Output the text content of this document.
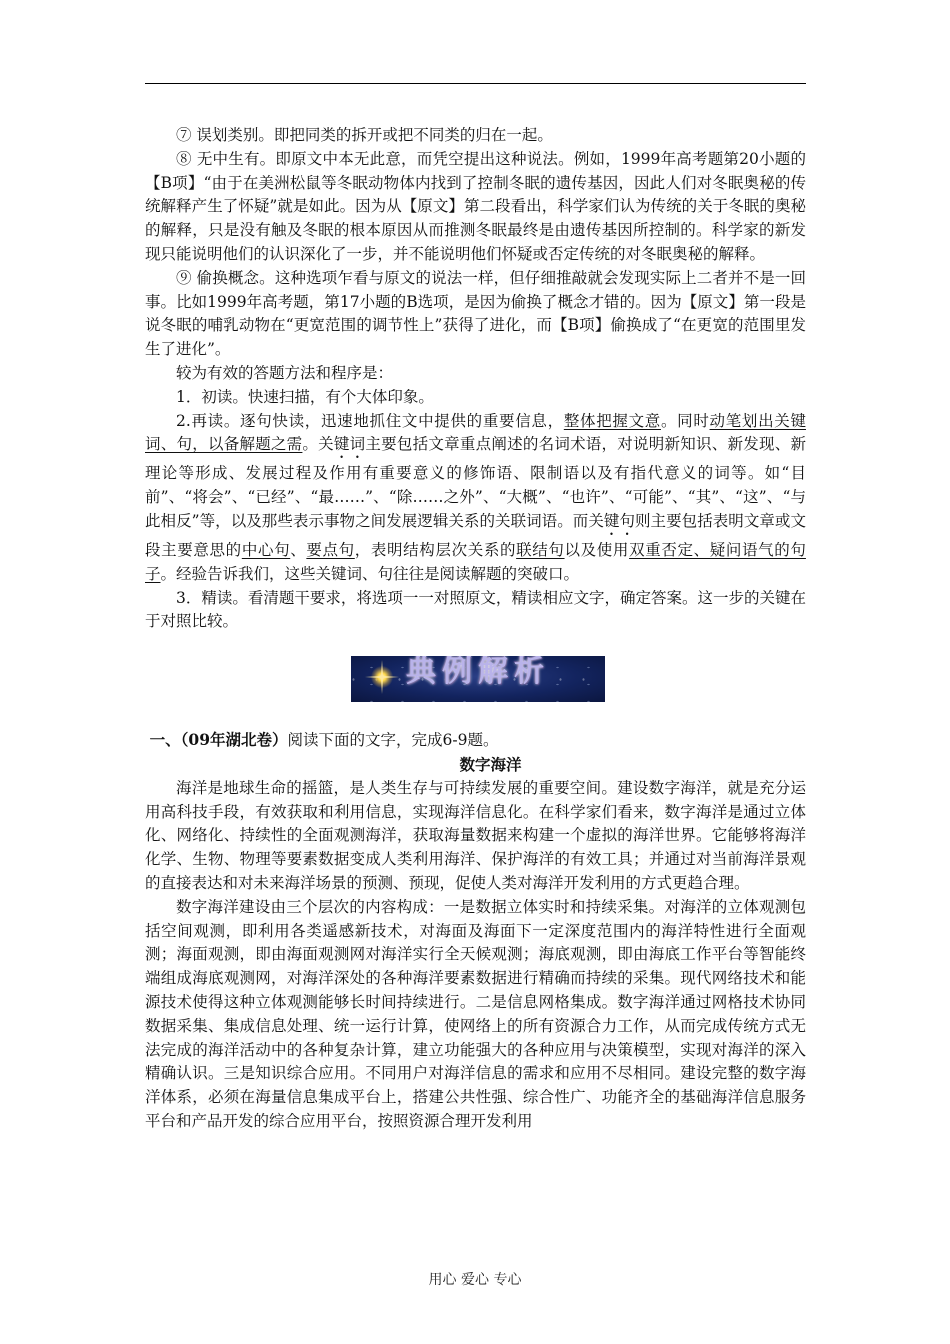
⑦ 误划类别。即把同类的拆开或把不同类的归在一起。

⑧ 无中生有。即原文中本无此意，而凭空提出这种说法。例如，1999年高考题第20小题的【B项】“由于在美洲松鼠等冬眠动物体内找到了控制冬眠的遗传基因，因此人们对冬眠奥秘的传统解释产生了怀疑”就是如此。因为从【原文】第二段看出，科学家们认为传统的关于冬眠的奥秘的解释，只是没有触及冬眠的根本原因从而推测冬眠最终是由遗传基因所控制的。科学家的新发现只能说明他们的认识深化了一步，并不能说明他们怀疑或否定传统的对冬眠奥秘的解释。

⑨ 偷换概念。这种选项乍看与原文的说法一样，但仔细推敲就会发现实际上二者并不是一回事。比如1999年高考题，第17小题的B选项，是因为偷换了概念才错的。因为【原文】第一段是说冬眠的哺乳动物在“更宽范围的调节性上”获得了进化，而【B项】偷换成了“在更宽的范围里发生了进化”。

较为有效的答题方法和程序是：

1．初读。快速扫描，有个大体印象。

2.再读。逐句快读，迅速地抓住文中提供的重要信息，整体把握文意。同时动笔划出关键词、句，以备解题之需。关键词主要包括文章重点阐述的名词术语，对说明新知识、新发现、新理论等形成、发展过程及作用有重要意义的修饰语、限制语以及有指代意义的词等。如“目前”、“将会”、“已经”、“最……”、“除……之外”、“大概”、“也许”、“可能”、“其”、“这”、“与此相反”等，以及那些表示事物之间发展逻辑关系的关联词语。而关键句则主要包括表明文章或文段主要意思的中心句、要点句，表明结构层次关系的联结句以及使用双重否定、疑问语气的句子。经验告诉我们，这些关键词、句往往是阅读解题的突破口。

3．精读。看清题干要求，将选项一一对照原文，精读相应文字，确定答案。这一步的关键在于对照比较。

典例解析

一、（09年湖北卷）阅读下面的文字，完成6-9题。

数字海洋

海洋是地球生命的摇篮，是人类生存与可持续发展的重要空间。建设数字海洋，就是充分运用高科技手段，有效获取和利用信息，实现海洋信息化。在科学家们看来，数字海洋是通过立体化、网络化、持续性的全面观测海洋，获取海量数据来构建一个虚拟的海洋世界。它能够将海洋化学、生物、物理等要素数据变成人类利用海洋、保护海洋的有效工具；并通过对当前海洋景观的直接表达和对未来海洋场景的预测、预现，促使人类对海洋开发利用的方式更趋合理。

数字海洋建设由三个层次的内容构成：一是数据立体实时和持续采集。对海洋的立体观测包括空间观测，即利用各类遥感新技术，对海面及海面下一定深度范围内的海洋特性进行全面观测；海面观测，即由海面观测网对海洋实行全天候观测；海底观测，即由海底工作平台等智能终端组成海底观测网，对海洋深处的各种海洋要素数据进行精确而持续的采集。现代网络技术和能源技术使得这种立体观测能够长时间持续进行。二是信息网格集成。数字海洋通过网格技术协同数据采集、集成信息处理、统一运行计算，使网络上的所有资源合力工作，从而完成传统方式无法完成的海洋活动中的各种复杂计算，建立功能强大的各种应用与决策模型，实现对海洋的深入精确认识。三是知识综合应用。不同用户对海洋信息的需求和应用不尽相同。建设完整的数字海洋体系，必须在海量信息集成平台上，搭建公共性强、综合性广、功能齐全的基础海洋信息服务平台和产品开发的综合应用平台，按照资源合理开发利用

用心 爱心 专心
